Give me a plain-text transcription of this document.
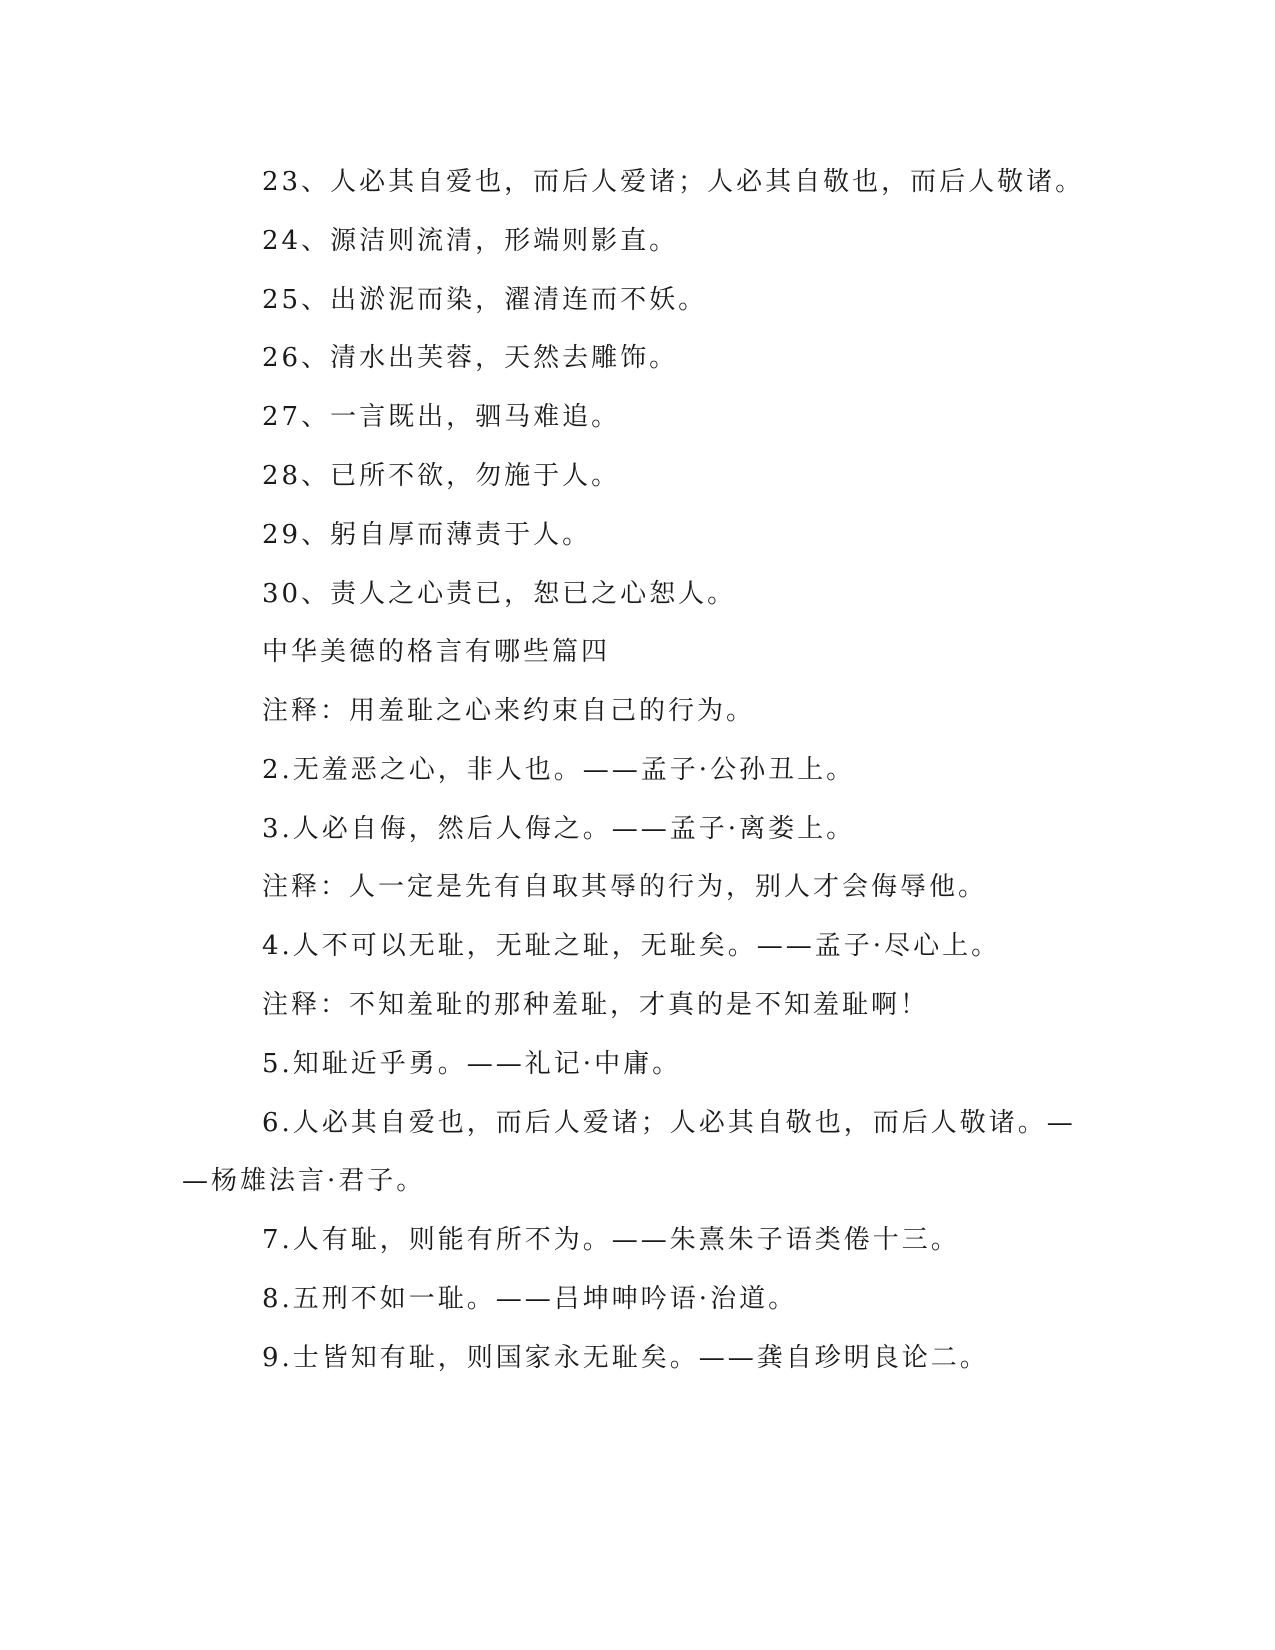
23、人必其自爱也，而后人爱诸；人必其自敬也，而后人敬诸。
24、源洁则流清，形端则影直。
25、出淤泥而染，濯清连而不妖。
26、清水出芙蓉，天然去雕饰。
27、一言既出，驷马难追。
28、已所不欲，勿施于人。
29、躬自厚而薄责于人。
30、责人之心责已，恕已之心恕人。
中华美德的格言有哪些篇四
注释：用羞耻之心来约束自己的行为。
2.无羞恶之心，非人也。——孟子·公孙丑上。
3.人必自侮，然后人侮之。——孟子·离娄上。
注释：人一定是先有自取其辱的行为，别人才会侮辱他。
4.人不可以无耻，无耻之耻，无耻矣。——孟子·尽心上。
注释：不知羞耻的那种羞耻，才真的是不知羞耻啊！
5.知耻近乎勇。——礼记·中庸。
6.人必其自爱也，而后人爱诸；人必其自敬也，而后人敬诸。—
—杨雄法言·君子。
7.人有耻，则能有所不为。——朱熹朱子语类倦十三。
8.五刑不如一耻。——吕坤呻吟语·治道。
9.士皆知有耻，则国家永无耻矣。——龚自珍明良论二。
